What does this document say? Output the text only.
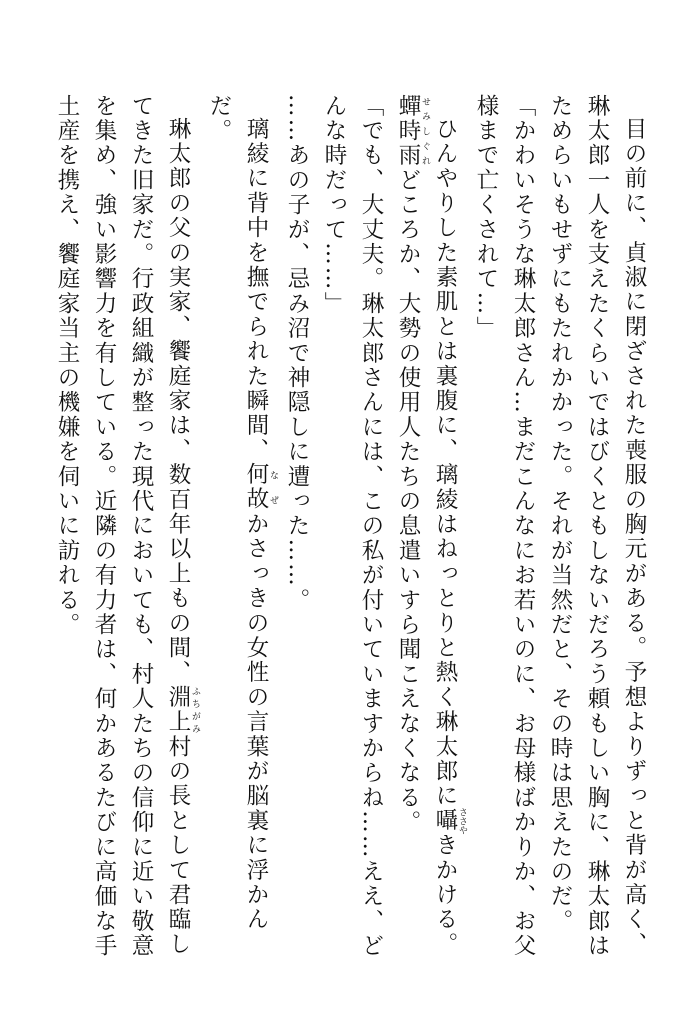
目の前に、貞淑に閉ざされた喪服の胸元がある。予想よりずっと背が高く、琳太郎一人を支えたくらいではびくともしないだろう頼もしい胸に、琳太郎はためらいもせずにもたれかかった。それが当然だと、その時は思えたのだ。

「かわいそうな琳太郎さん…まだこんなにお若いのに、お母様ばかりか、お父様まで亡くされて…」

ひんやりした素肌とは裏腹に、璃綾はねっとりと熱く琳太郎に囁 ささやきかける。蟬時雨 せみしぐれどころか、大勢の使用人たちの息遣いすら聞こえなくなる。

「でも、大丈夫。琳太郎さんには、この私が付いていますからね……ええ、どんな時だって……」

……あの子が、忌み沼で神隠しに遭った……。

璃綾に背中を撫でられた瞬間、何故 なぜかさっきの女性の言葉が脳裏に浮かんだ。

琳太郎の父の実家、饗庭家は、数百年以上もの間、淵上 ふちがみ村の長として君臨してきた旧家だ。行政組織が整った現代においても、村人たちの信仰に近い敬意を集め、強い影響力を有している。近隣の有力者は、何かあるたびに高価な手土産を携え、饗庭家当主の機嫌を伺いに訪れる。
